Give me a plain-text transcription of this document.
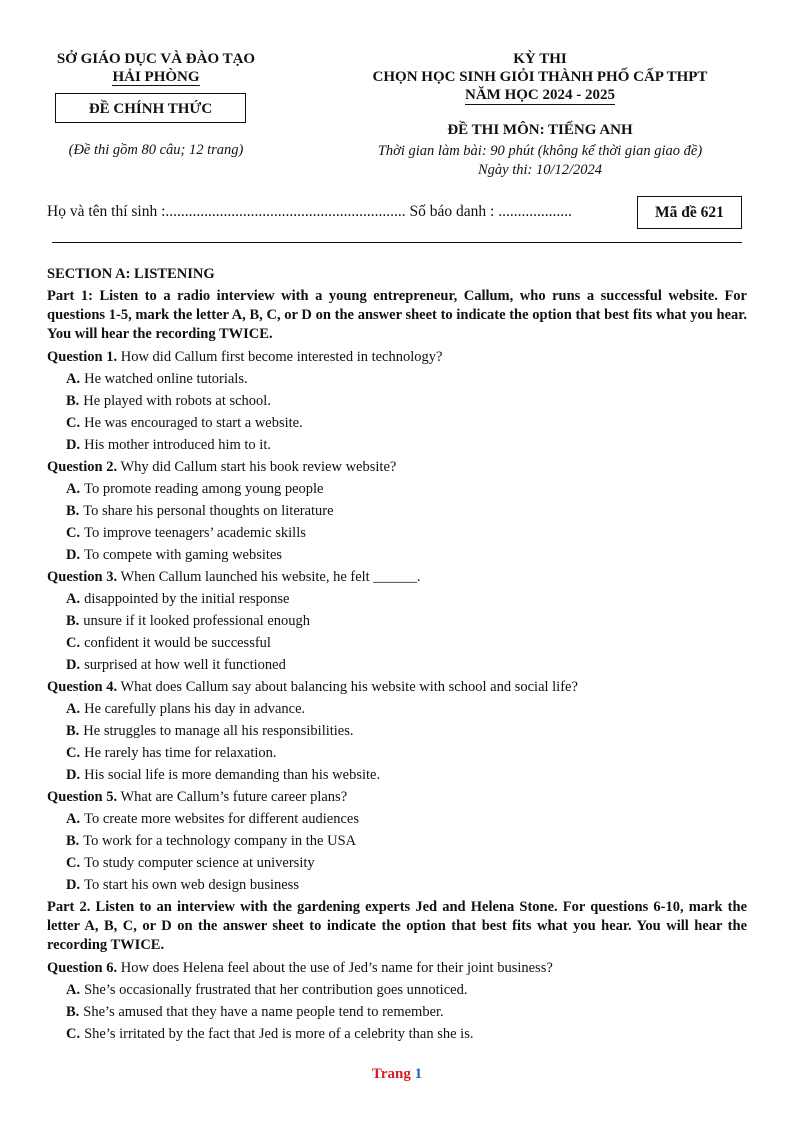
SỞ GIÁO DỤC VÀ ĐÀO TẠO
HẢI PHÒNG
ĐỀ CHÍNH THỨC
(Đề thi gồm 80 câu; 12 trang)
KỲ THI
CHỌN HỌC SINH GIỎI THÀNH PHỐ CẤP THPT
NĂM HỌC 2024 - 2025
ĐỀ THI MÔN: TIẾNG ANH
Thời gian làm bài: 90 phút (không kể thời gian giao đề)
Ngày thi: 10/12/2024
Họ và tên thí sinh :.............................................................. Số báo danh : ...................	Mã đề 621
SECTION A: LISTENING
Part 1: Listen to a radio interview with a young entrepreneur, Callum, who runs a successful website. For questions 1-5, mark the letter A, B, C, or D on the answer sheet to indicate the option that best fits what you hear. You will hear the recording TWICE.
Question 1. How did Callum first become interested in technology?
A. He watched online tutorials.
B. He played with robots at school.
C. He was encouraged to start a website.
D. His mother introduced him to it.
Question 2. Why did Callum start his book review website?
A. To promote reading among young people
B. To share his personal thoughts on literature
C. To improve teenagers’ academic skills
D. To compete with gaming websites
Question 3. When Callum launched his website, he felt ______.
A. disappointed by the initial response
B. unsure if it looked professional enough
C. confident it would be successful
D. surprised at how well it functioned
Question 4. What does Callum say about balancing his website with school and social life?
A. He carefully plans his day in advance.
B. He struggles to manage all his responsibilities.
C. He rarely has time for relaxation.
D. His social life is more demanding than his website.
Question 5. What are Callum’s future career plans?
A. To create more websites for different audiences
B. To work for a technology company in the USA
C. To study computer science at university
D. To start his own web design business
Part 2. Listen to an interview with the gardening experts Jed and Helena Stone. For questions 6-10, mark the letter A, B, C, or D on the answer sheet to indicate the option that best fits what you hear. You will hear the recording TWICE.
Question 6. How does Helena feel about the use of Jed’s name for their joint business?
A. She’s occasionally frustrated that her contribution goes unnoticed.
B. She’s amused that they have a name people tend to remember.
C. She’s irritated by the fact that Jed is more of a celebrity than she is.
Trang 1
